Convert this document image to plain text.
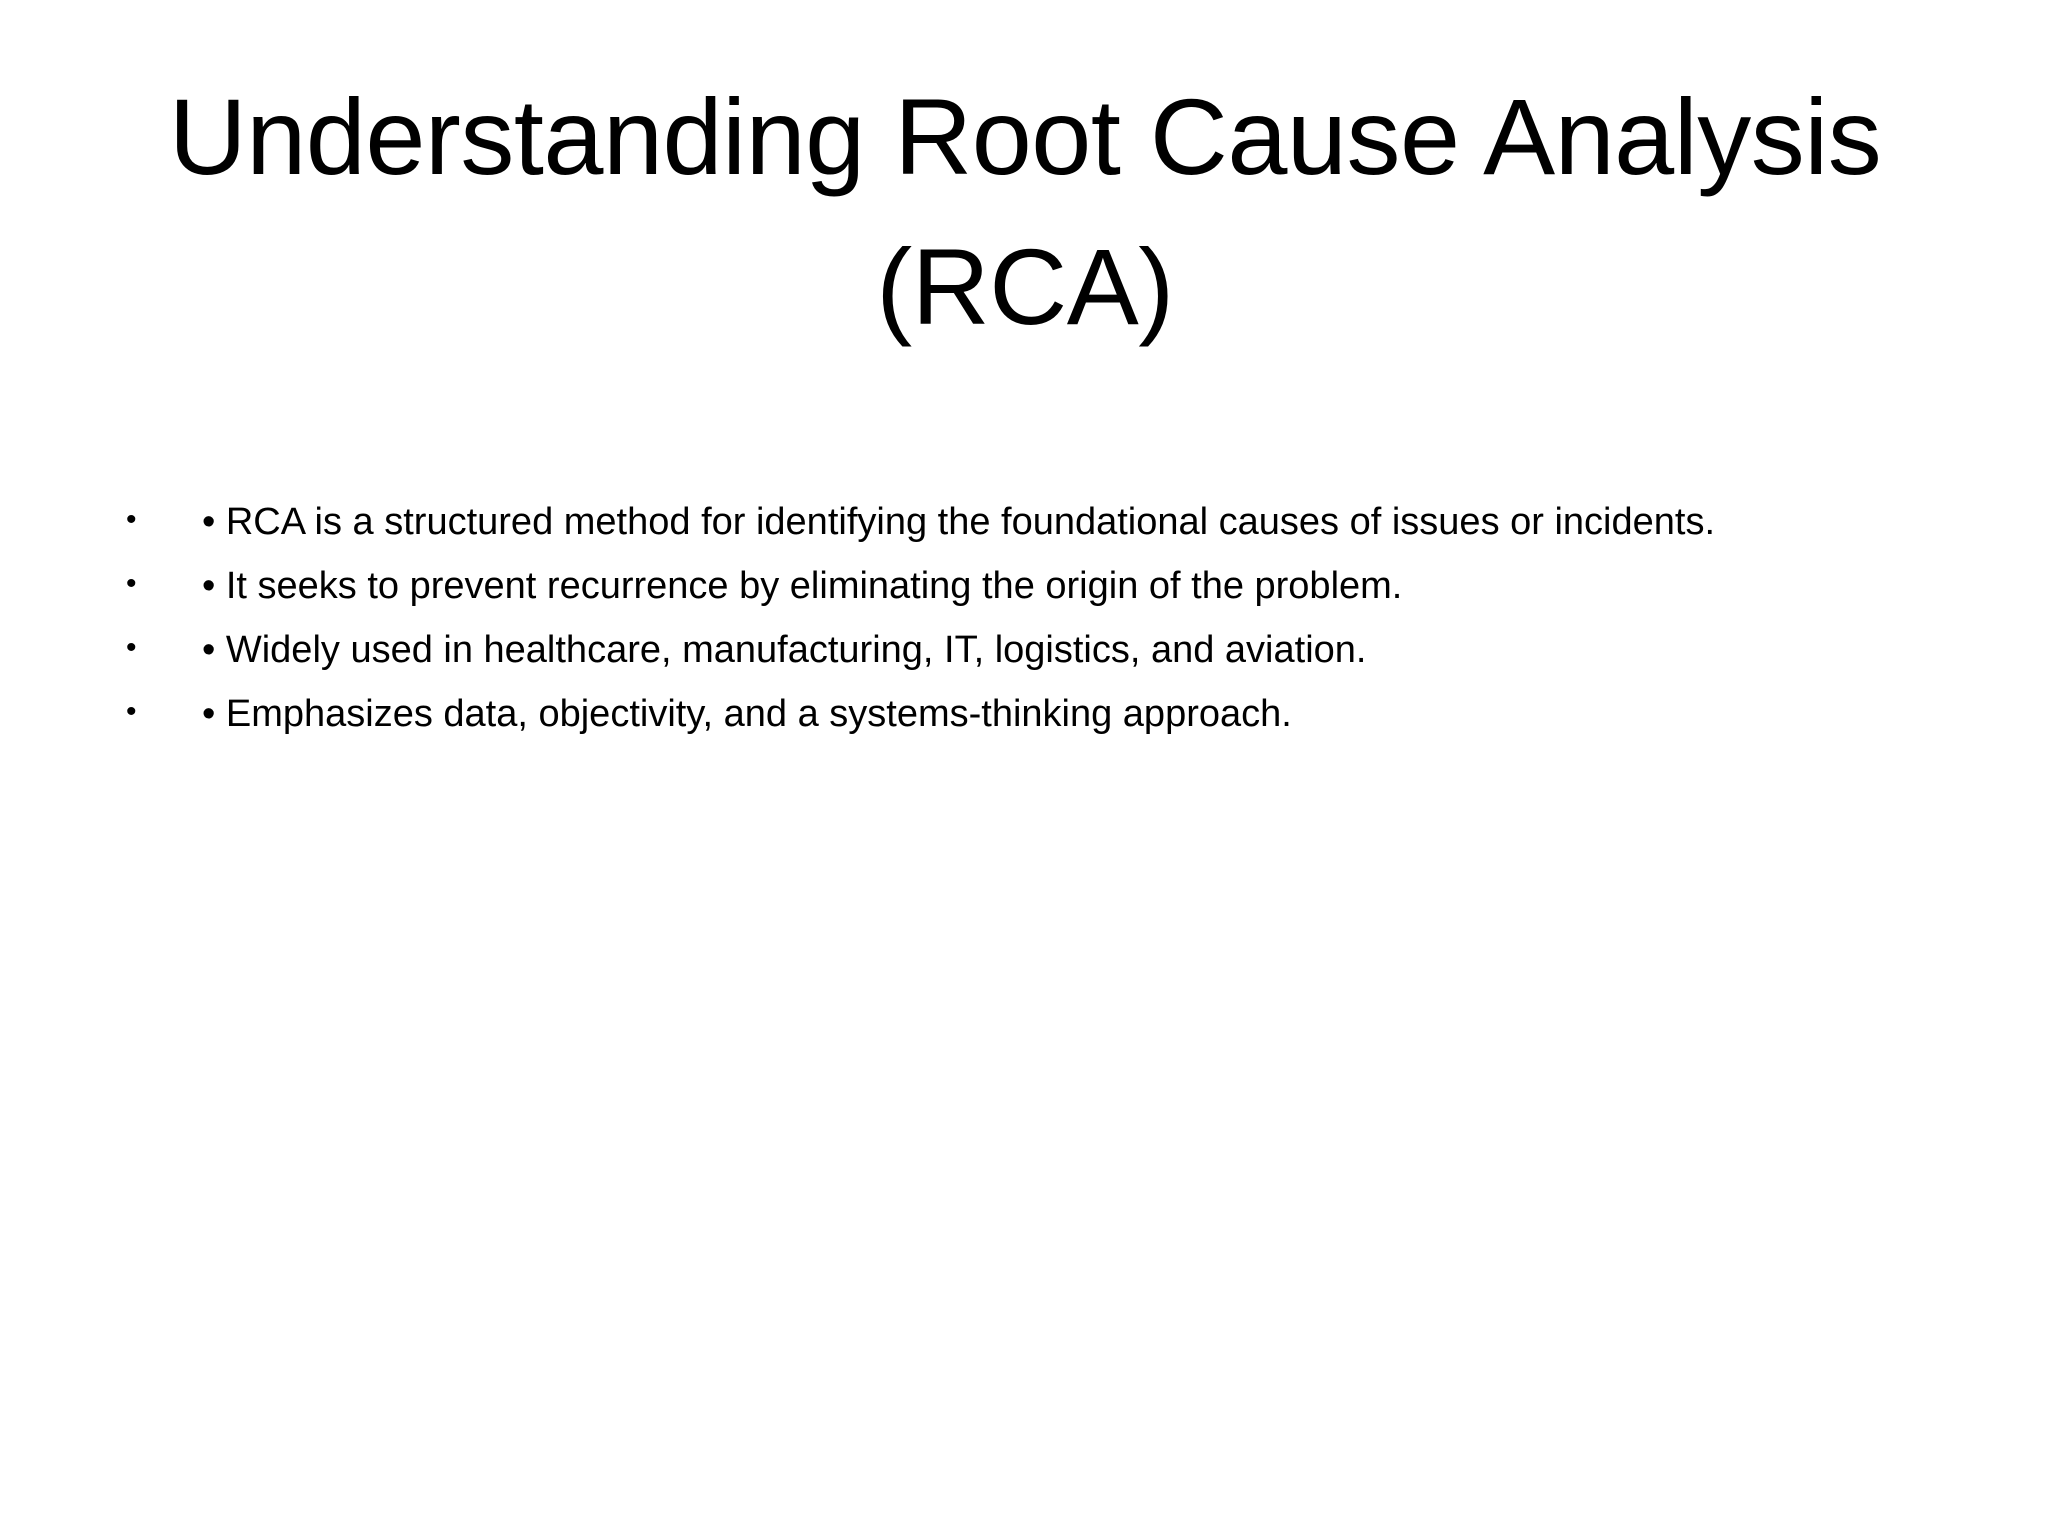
Understanding Root Cause Analysis (RCA)
• • RCA is a structured method for identifying the foundational causes of issues or incidents.
• • It seeks to prevent recurrence by eliminating the origin of the problem.
• • Widely used in healthcare, manufacturing, IT, logistics, and aviation.
• • Emphasizes data, objectivity, and a systems-thinking approach.
